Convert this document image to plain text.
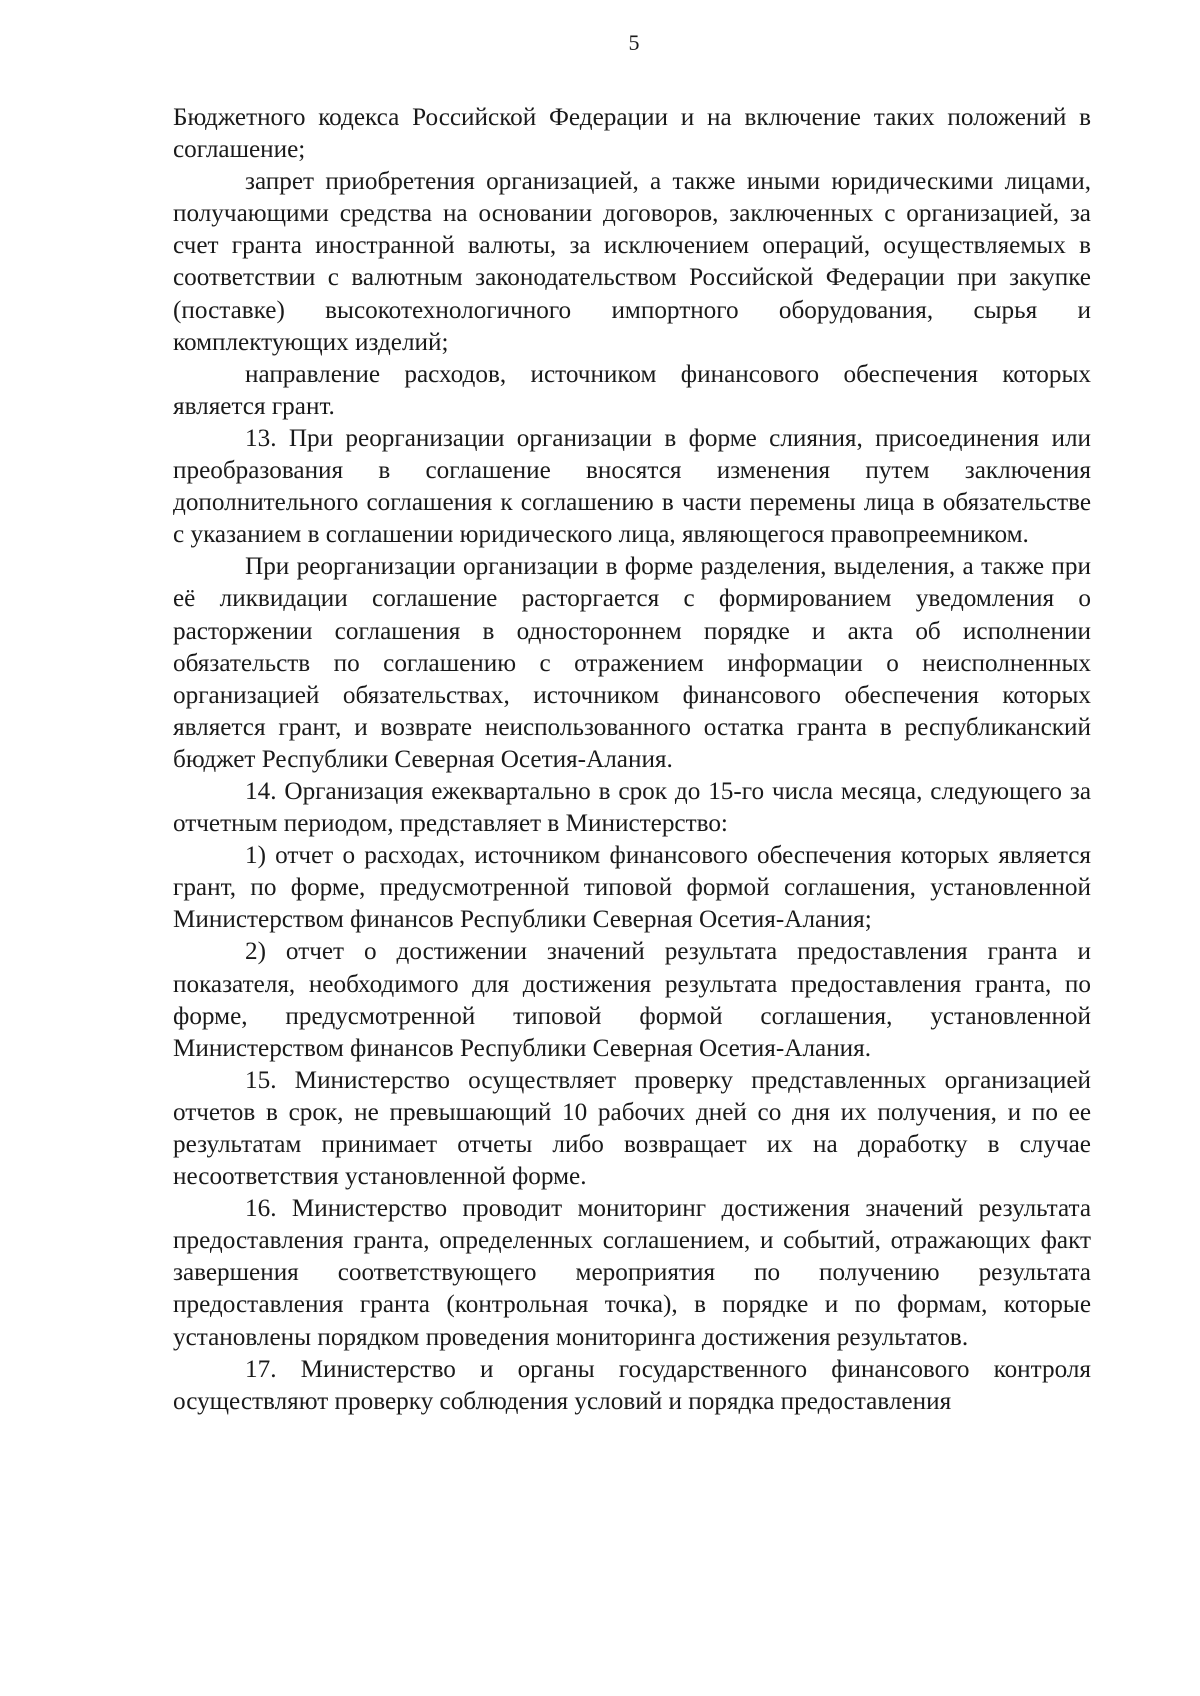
5

Бюджетного кодекса Российской Федерации и на включение таких положений в соглашение;

запрет приобретения организацией, а также иными юридическими лицами, получающими средства на основании договоров, заключенных с организацией, за счет гранта иностранной валюты, за исключением операций, осуществляемых в соответствии с валютным законодательством Российской Федерации при закупке (поставке) высокотехнологичного импортного оборудования, сырья и комплектующих изделий;

направление расходов, источником финансового обеспечения которых является грант.

13. При реорганизации организации в форме слияния, присоединения или преобразования в соглашение вносятся изменения путем заключения дополнительного соглашения к соглашению в части перемены лица в обязательстве с указанием в соглашении юридического лица, являющегося правопреемником.

При реорганизации организации в форме разделения, выделения, а также при её ликвидации соглашение расторгается с формированием уведомления о расторжении соглашения в одностороннем порядке и акта об исполнении обязательств по соглашению с отражением информации о неисполненных организацией обязательствах, источником финансового обеспечения которых является грант, и возврате неиспользованного остатка гранта в республиканский бюджет Республики Северная Осетия-Алания.

14. Организация ежеквартально в срок до 15-го числа месяца, следующего за отчетным периодом, представляет в Министерство:

1) отчет о расходах, источником финансового обеспечения которых является грант, по форме, предусмотренной типовой формой соглашения, установленной Министерством финансов Республики Северная Осетия-Алания;

2) отчет о достижении значений результата предоставления гранта и показателя, необходимого для достижения результата предоставления гранта, по форме, предусмотренной типовой формой соглашения, установленной Министерством финансов Республики Северная Осетия-Алания.

15. Министерство осуществляет проверку представленных организацией отчетов в срок, не превышающий 10 рабочих дней со дня их получения, и по ее результатам принимает отчеты либо возвращает их на доработку в случае несоответствия установленной форме.

16. Министерство проводит мониторинг достижения значений результата предоставления гранта, определенных соглашением, и событий, отражающих факт завершения соответствующего мероприятия по получению результата предоставления гранта (контрольная точка), в порядке и по формам, которые установлены порядком проведения мониторинга достижения результатов.

17. Министерство и органы государственного финансового контроля осуществляют проверку соблюдения условий и порядка предоставления
